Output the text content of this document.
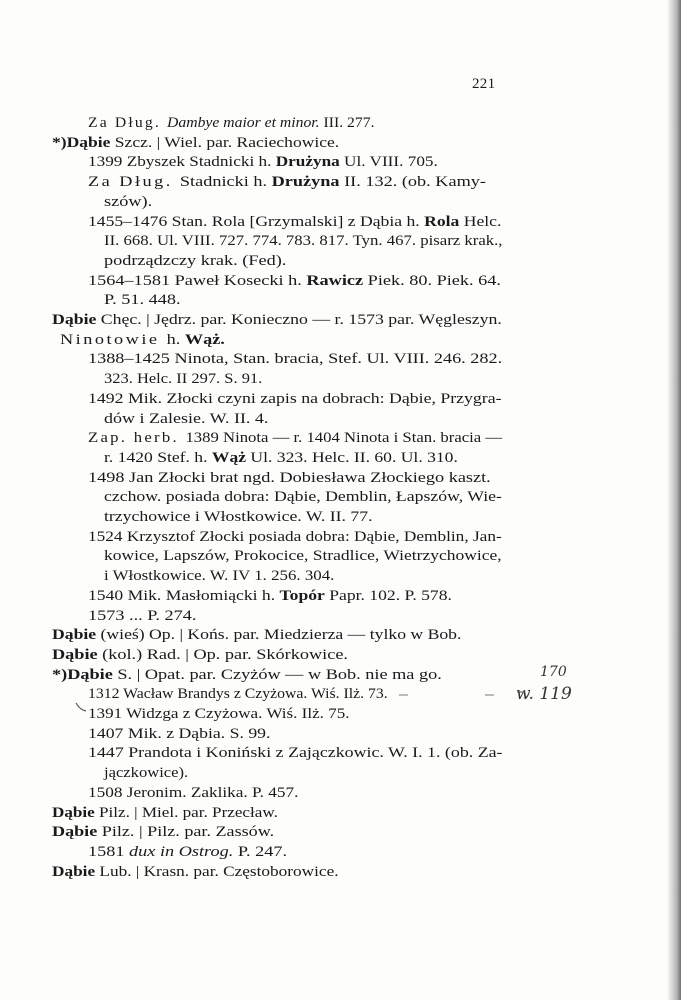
221
Za Dług. Dambye maior et minor. III. 277.
*)Dąbie Szcz. | Wiel. par. Raciechowice.
1399 Zbyszek Stadnicki h. Drużyna Ul. VIII. 705.
Za Dług. Stadnicki h. Drużyna II. 132. (ob. Kamy-
szów).
1455–1476 Stan. Rola [Grzymalski] z Dąbia h. Rola Helc.
II. 668. Ul. VIII. 727. 774. 783. 817. Tyn. 467. pisarz krak.,
podrządzczy krak. (Fed).
1564–1581 Paweł Kosecki h. Rawicz Piek. 80. Piek. 64.
P. 51. 448.
Dąbie Chęc. | Jędrz. par. Konieczno — r. 1573 par. Węgleszyn.
Ninotowie h. Wąż.
1388–1425 Ninota, Stan. bracia, Stef. Ul. VIII. 246. 282.
323. Helc. II 297. S. 91.
1492 Mik. Złocki czyni zapis na dobrach: Dąbie, Przygra-
dów i Zalesie. W. II. 4.
Zap. herb. 1389 Ninota — r. 1404 Ninota i Stan. bracia —
r. 1420 Stef. h. Wąż Ul. 323. Helc. II. 60. Ul. 310.
1498 Jan Złocki brat ngd. Dobiesława Złockiego kaszt.
czchow. posiada dobra: Dąbie, Demblin, Łapszów, Wie-
trzychowice i Włostkowice. W. II. 77.
1524 Krzysztof Złocki posiada dobra: Dąbie, Demblin, Jan-
kowice, Lapszów, Prokocice, Stradlice, Wietrzychowice,
i Włostkowice. W. IV 1. 256. 304.
1540 Mik. Masłomiącki h. Topór Papr. 102. P. 578.
1573 ... P. 274.
Dąbie (wieś) Op. | Końs. par. Miedzierza — tylko w Bob.
Dąbie (kol.) Rad. | Op. par. Skórkowice.
*)Dąbie S. | Opat. par. Czyżów — w Bob. nie ma go.
1312 Wacław Brandys z Czyżowa. Wiś. Ilż. 73.
1391 Widzga z Czyżowa. Wiś. Ilż. 75.
1407 Mik. z Dąbia. S. 99.
1447 Prandota i Koniński z Zajączkowic. W. I. 1. (ob. Za-
jączkowice).
1508 Jeronim. Zaklika. P. 457.
Dąbie Pilz. | Miel. par. Przecław.
Dąbie Pilz. | Pilz. par. Zassów.
1581 dux in Ostrog. P. 247.
Dąbie Lub. | Krasn. par. Częstoborowice.
170
w. 119
